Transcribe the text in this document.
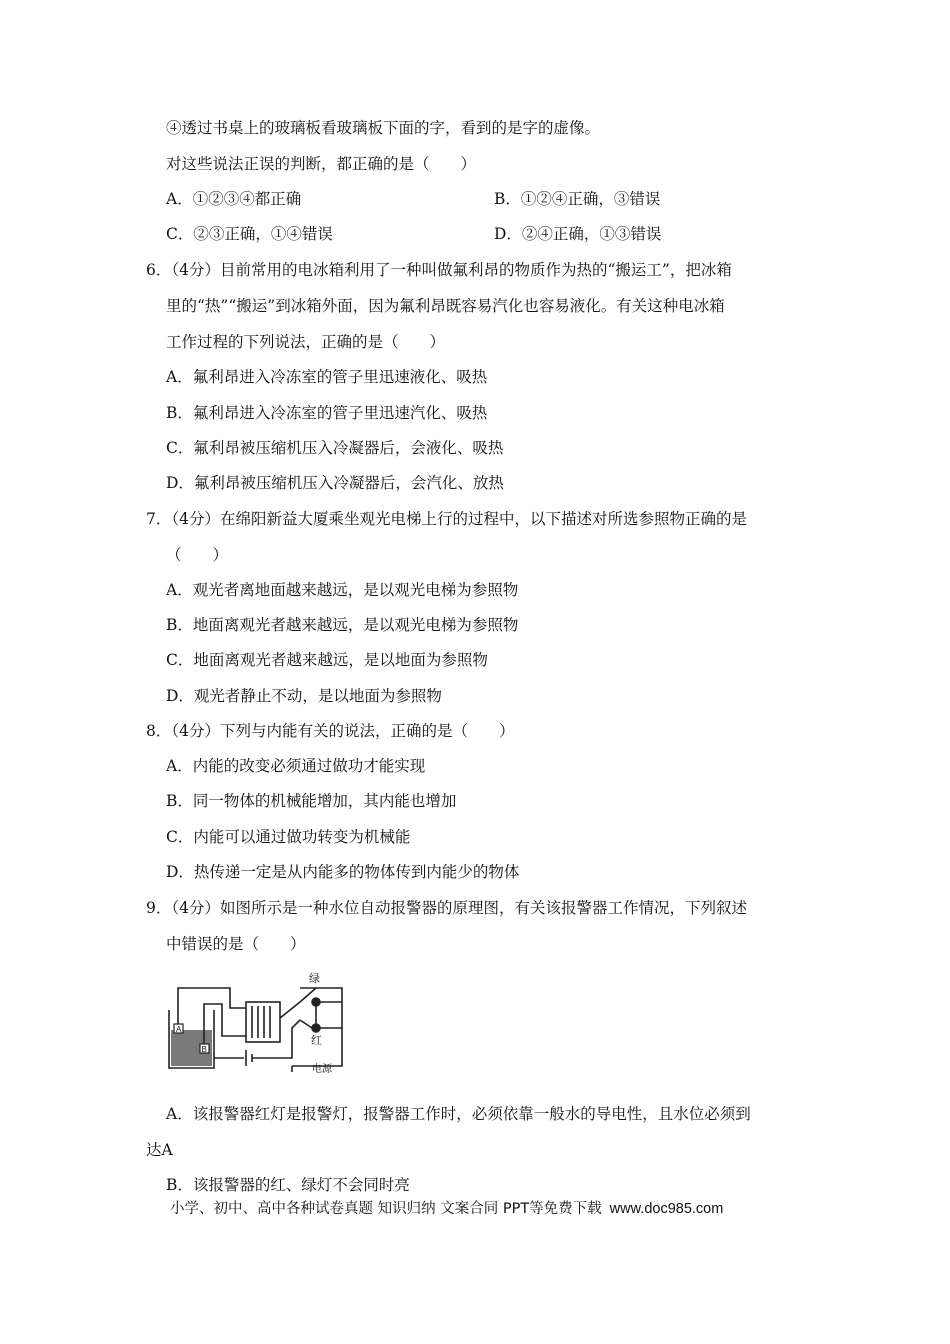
④透过书桌上的玻璃板看玻璃板下面的字，看到的是字的虚像。
对这些说法正误的判断，都正确的是（　　）
A．①②③④都正确	B．①②④正确，③错误
C．②③正确，①④错误	D．②④正确，①③错误
6．（4分）目前常用的电冰箱利用了一种叫做氟利昂的物质作为热的“搬运工”，把冰箱
里的“热”“搬运”到冰箱外面，因为氟利昂既容易汽化也容易液化。有关这种电冰箱
工作过程的下列说法，正确的是（　　）
A．氟利昂进入冷冻室的管子里迅速液化、吸热
B．氟利昂进入冷冻室的管子里迅速汽化、吸热
C．氟利昂被压缩机压入冷凝器后，会液化、吸热
D．氟利昂被压缩机压入冷凝器后，会汽化、放热
7．（4分）在绵阳新益大厦乘坐观光电梯上行的过程中，以下描述对所选参照物正确的是
（　　）
A．观光者离地面越来越远，是以观光电梯为参照物
B．地面离观光者越来越远，是以观光电梯为参照物
C．地面离观光者越来越远，是以地面为参照物
D．观光者静止不动，是以地面为参照物
8．（4分）下列与内能有关的说法，正确的是（　　）
A．内能的改变必须通过做功才能实现
B．同一物体的机械能增加，其内能也增加
C．内能可以通过做功转变为机械能
D．热传递一定是从内能多的物体传到内能少的物体
9．（4分）如图所示是一种水位自动报警器的原理图，有关该报警器工作情况，下列叙述
中错误的是（　　）
A
B
绿
红
电源
A．该报警器红灯是报警灯，报警器工作时，必须依靠一般水的导电性，且水位必须到
达A
B．该报警器的红、绿灯不会同时亮
小学、初中、高中各种试卷真题 知识归纳 文案合同 PPT等免费下载 www.doc985.com
